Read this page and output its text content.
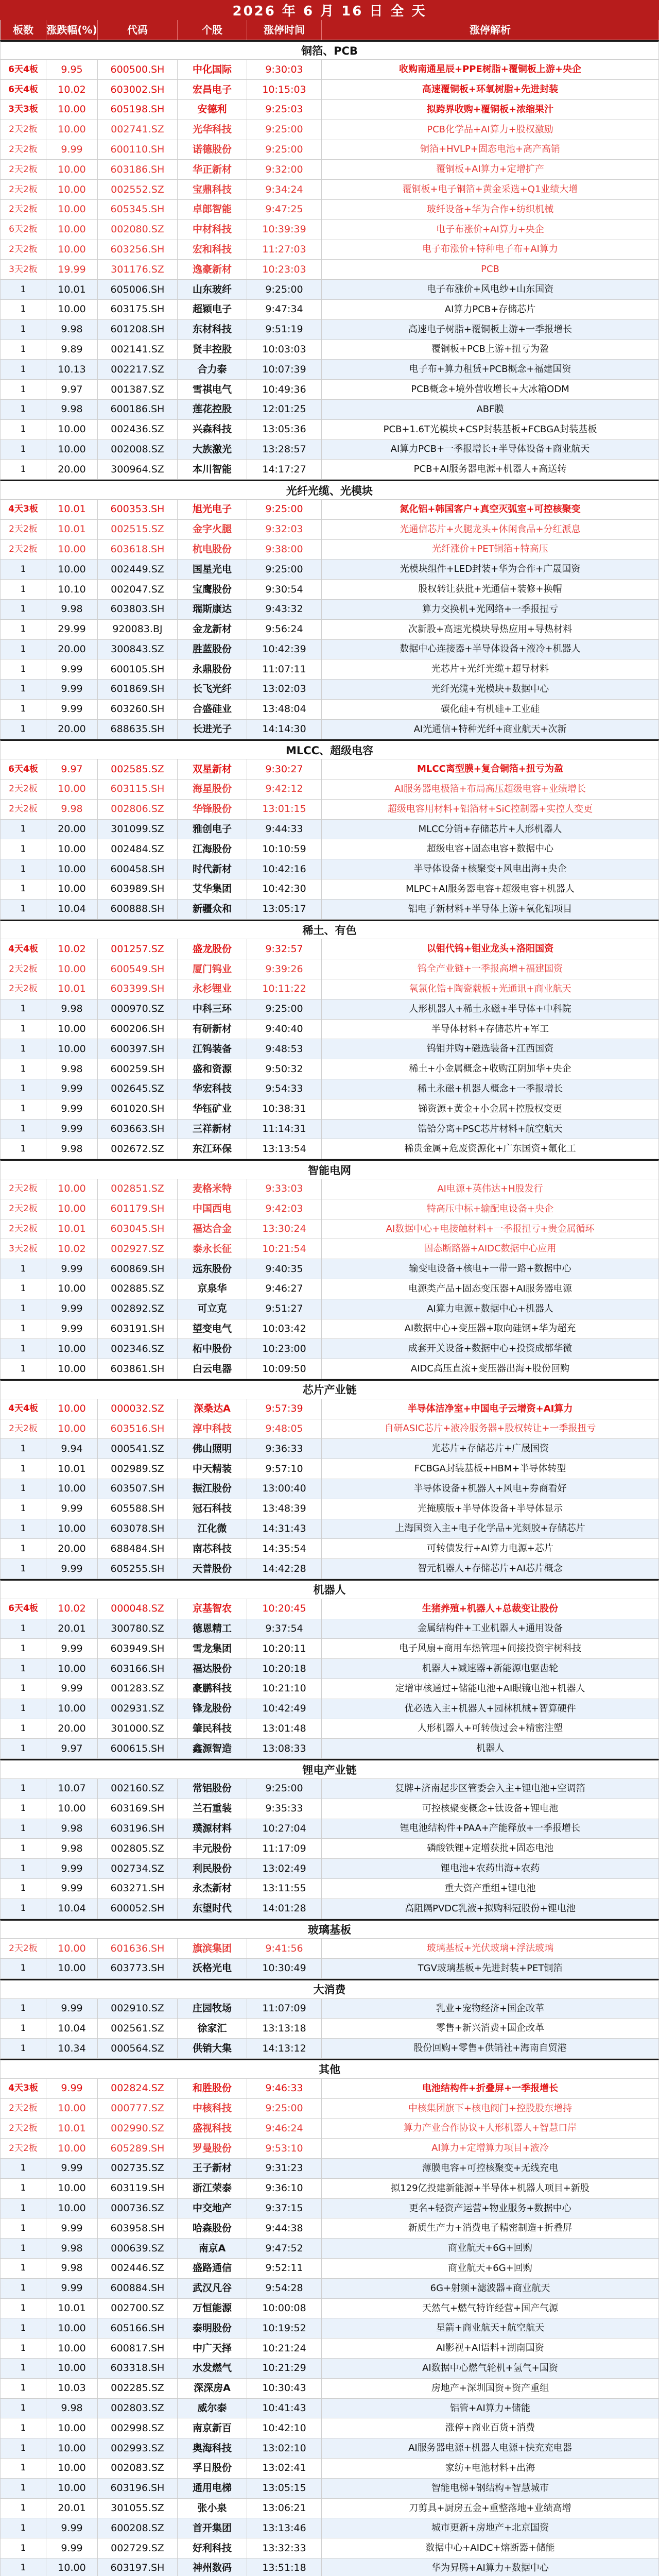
2026 年 6 月 16 日 全 天
板数	涨跌幅(%)	代码	个股	涨停时间	涨停解析
铜箔、PCB
6天4板	9.95	600500.SH	中化国际	9:30:03	收购南通星辰+PPE树脂+覆铜板上游+央企
6天4板	10.02	603002.SH	宏昌电子	10:15:03	高速覆铜板+环氧树脂+先进封装
3天3板	10.00	605198.SH	安德利	9:25:03	拟跨界收购+覆铜板+浓缩果汁
2天2板	10.00	002741.SZ	光华科技	9:25:00	PCB化学品+AI算力+股权激励
2天2板	9.99	600110.SH	诺德股份	9:25:00	铜箔+HVLP+固态电池+高产高销
2天2板	10.00	603186.SH	华正新材	9:32:00	覆铜板+AI算力+定增扩产
2天2板	10.00	002552.SZ	宝鼎科技	9:34:24	覆铜板+电子铜箔+黄金采选+Q1业绩大增
2天2板	10.00	605345.SH	卓郎智能	9:47:25	玻纤设备+华为合作+纺织机械
6天2板	10.00	002080.SZ	中材科技	10:39:39	电子布涨价+AI算力+央企
2天2板	10.00	603256.SH	宏和科技	11:27:03	电子布涨价+特种电子布+AI算力
3天2板	19.99	301176.SZ	逸豪新材	10:23:03	PCB
1	10.01	605006.SH	山东玻纤	9:25:00	电子布涨价+风电纱+山东国资
1	10.00	603175.SH	超颖电子	9:47:34	AI算力PCB+存储芯片
1	9.98	601208.SH	东材科技	9:51:19	高速电子树脂+覆铜板上游+一季报增长
1	9.89	002141.SZ	贤丰控股	10:03:03	覆铜板+PCB上游+扭亏为盈
1	10.13	002217.SZ	合力泰	10:07:39	电子布+算力租赁+PCB概念+福建国资
1	9.97	001387.SZ	雪祺电气	10:49:36	PCB概念+境外营收增长+大冰箱ODM
1	9.98	600186.SH	莲花控股	12:01:25	ABF膜
1	10.00	002436.SZ	兴森科技	13:05:36	PCB+1.6T光模块+CSP封装基板+FCBGA封装基板
1	10.00	002008.SZ	大族激光	13:28:57	AI算力PCB+一季报增长+半导体设备+商业航天
1	20.00	300964.SZ	本川智能	14:17:27	PCB+AI服务器电源+机器人+高送转
光纤光缆、光模块
4天3板	10.01	600353.SH	旭光电子	9:25:00	氮化铝+韩国客户+真空灭弧室+可控核聚变
2天2板	10.01	002515.SZ	金字火腿	9:32:03	光通信芯片+火腿龙头+休闲食品+分红派息
2天2板	10.00	603618.SH	杭电股份	9:38:00	光纤涨价+PET铜箔+特高压
1	10.00	002449.SZ	国星光电	9:25:00	光模块组件+LED封装+华为合作+广晟国资
1	10.10	002047.SZ	宝鹰股份	9:30:54	股权转让获批+光通信+装修+换帽
1	9.98	603803.SH	瑞斯康达	9:43:32	算力交换机+光网络+一季报扭亏
1	29.99	920083.BJ	金龙新材	9:56:24	次新股+高速光模块导热应用+导热材料
1	20.00	300843.SZ	胜蓝股份	10:42:39	数据中心连接器+半导体设备+液冷+机器人
1	9.99	600105.SH	永鼎股份	11:07:11	光芯片+光纤光缆+超导材料
1	9.99	601869.SH	长飞光纤	13:02:03	光纤光缆+光模块+数据中心
1	9.99	603260.SH	合盛硅业	13:48:04	碳化硅+有机硅+工业硅
1	20.00	688635.SH	长进光子	14:14:30	AI光通信+特种光纤+商业航天+次新
MLCC、超级电容
6天4板	9.97	002585.SZ	双星新材	9:30:27	MLCC离型膜+复合铜箔+扭亏为盈
2天2板	10.00	603115.SH	海星股份	9:42:12	AI服务器电极箔+布局高压超级电容+业绩增长
2天2板	9.98	002806.SZ	华锋股份	13:01:15	超级电容用材料+铝箔材+SiC控制器+实控人变更
1	20.00	301099.SZ	雅创电子	9:44:33	MLCC分销+存储芯片+人形机器人
1	10.00	002484.SZ	江海股份	10:10:59	超级电容+固态电容+数据中心
1	10.00	600458.SH	时代新材	10:42:16	半导体设备+核聚变+风电出海+央企
1	10.00	603989.SH	艾华集团	10:42:30	MLPC+AI服务器电容+超级电容+机器人
1	10.04	600888.SH	新疆众和	13:05:17	铝电子新材料+半导体上游+氧化铝项目
稀土、有色
4天4板	10.02	001257.SZ	盛龙股份	9:32:57	以钼代钨+钼业龙头+洛阳国资
2天2板	10.00	600549.SH	厦门钨业	9:39:26	钨全产业链+一季报高增+福建国资
2天2板	10.01	603399.SH	永杉锂业	10:11:22	氧氯化锆+陶瓷载板+光通讯+商业航天
1	9.98	000970.SZ	中科三环	9:25:00	人形机器人+稀土永磁+半导体+中科院
1	10.00	600206.SH	有研新材	9:40:40	半导体材料+存储芯片+军工
1	10.00	600397.SH	江钨装备	9:48:53	钨钼并购+磁选装备+江西国资
1	9.98	600259.SH	盛和资源	9:50:32	稀土+小金属概念+收购江阴加华+央企
1	9.99	002645.SZ	华宏科技	9:54:33	稀土永磁+机器人概念+一季报增长
1	9.99	601020.SH	华钰矿业	10:38:31	锑资源+黄金+小金属+控股权变更
1	9.99	603663.SH	三祥新材	11:14:31	锆铪分离+PSC芯片材料+航空航天
1	9.98	002672.SZ	东江环保	13:13:54	稀贵金属+危废资源化+广东国资+氟化工
智能电网
2天2板	10.00	002851.SZ	麦格米特	9:33:03	AI电源+英伟达+H股发行
2天2板	10.00	601179.SH	中国西电	9:42:03	特高压中标+输配电设备+央企
2天2板	10.01	603045.SH	福达合金	13:30:24	AI数据中心+电接触材料+一季报扭亏+贵金属循环
3天2板	10.02	002927.SZ	泰永长征	10:21:54	固态断路器+AIDC数据中心应用
1	9.99	600869.SH	远东股份	9:40:35	输变电设备+核电+一带一路+数据中心
1	10.00	002885.SZ	京泉华	9:46:27	电源类产品+固态变压器+AI服务器电源
1	9.99	002892.SZ	可立克	9:51:27	AI算力电源+数据中心+机器人
1	9.99	603191.SH	望变电气	10:03:42	AI数据中心+变压器+取向硅钢+华为超充
1	10.00	002346.SZ	柘中股份	10:23:00	成套开关设备+数据中心+投资成都华微
1	10.00	603861.SH	白云电器	10:09:50	AIDC高压直流+变压器出海+股份回购
芯片产业链
4天4板	10.00	000032.SZ	深桑达A	9:57:39	半导体洁净室+中国电子云增资+AI算力
2天2板	10.00	603516.SH	淳中科技	9:48:05	自研ASIC芯片+液冷服务器+股权转让+一季报扭亏
1	9.94	000541.SZ	佛山照明	9:36:33	光芯片+存储芯片+广晟国资
1	10.01	002989.SZ	中天精装	9:57:10	FCBGA封装基板+HBM+半导体转型
1	10.00	603507.SH	振江股份	13:00:40	半导体设备+机器人+风电+券商看好
1	9.99	605588.SH	冠石科技	13:48:39	光掩膜版+半导体设备+半导体显示
1	10.00	603078.SH	江化微	14:31:43	上海国资入主+电子化学品+光刻胶+存储芯片
1	20.00	688484.SH	南芯科技	14:35:54	可转债发行+AI算力电源+芯片
1	9.99	605255.SH	天普股份	14:42:28	智元机器人+存储芯片+AI芯片概念
机器人
6天4板	10.02	000048.SZ	京基智农	10:20:45	生猪养殖+机器人+总裁变让股份
1	20.01	300780.SZ	德恩精工	9:37:54	金属结构件+工业机器人+通用设备
1	9.99	603949.SH	雪龙集团	10:20:11	电子风扇+商用车热管理+间接投资宇树科技
1	10.00	603166.SH	福达股份	10:20:18	机器人+减速器+新能源电驱齿轮
1	9.99	001283.SZ	豪鹏科技	10:21:10	定增审核通过+储能电池+AI眼镜电池+机器人
1	10.00	002931.SZ	锋龙股份	10:42:49	优必选入主+机器人+园林机械+智算硬件
1	20.00	301000.SZ	肇民科技	13:01:48	人形机器人+可转债过会+精密注塑
1	9.97	600615.SH	鑫源智造	13:08:33	机器人
锂电产业链
1	10.07	002160.SZ	常铝股份	9:25:00	复牌+济南起步区管委会入主+锂电池+空调箔
1	10.00	603169.SH	兰石重装	9:35:33	可控核聚变概念+钛设备+锂电池
1	9.98	603196.SH	璞源材料	10:27:04	锂电池结构件+PAA+产能释放+一季报增长
1	9.98	002805.SZ	丰元股份	11:17:09	磷酸铁锂+定增获批+固态电池
1	9.99	002734.SZ	利民股份	13:02:49	锂电池+农药出海+农药
1	9.99	603271.SH	永杰新材	13:11:55	重大资产重组+锂电池
1	10.04	600052.SH	东望时代	14:01:28	高阻隔PVDC乳液+拟购科冠股份+锂电池
玻璃基板
2天2板	10.00	601636.SH	旗滨集团	9:41:56	玻璃基板+光伏玻璃+浮法玻璃
1	10.00	603773.SH	沃格光电	10:30:49	TGV玻璃基板+先进封装+PET铜箔
大消费
1	9.99	002910.SZ	庄园牧场	11:07:09	乳业+宠物经济+国企改革
1	10.04	002561.SZ	徐家汇	13:13:18	零售+新兴消费+国企改革
1	10.34	000564.SZ	供销大集	14:13:12	股份回购+零售+供销社+海南自贸港
其他
4天3板	9.99	002824.SZ	和胜股份	9:46:33	电池结构件+折叠屏+一季报增长
2天2板	10.00	000777.SZ	中核科技	9:25:00	中核集团旗下+核电阀门+控股股东增持
2天2板	10.01	002990.SZ	盛视科技	9:46:24	算力产业合作协议+人形机器人+智慧口岸
2天2板	10.00	605289.SH	罗曼股份	9:53:10	AI算力+定增算力项目+液冷
1	9.99	002735.SZ	王子新材	9:31:23	薄膜电容+可控核聚变+无线充电
1	10.00	603119.SH	浙江荣泰	9:36:10	拟129亿投建新能源+半导体+机器人项目+新股
1	10.00	000736.SZ	中交地产	9:37:15	更名+轻资产运营+物业服务+数据中心
1	9.99	603958.SH	哈森股份	9:44:38	新质生产力+消费电子精密制造+折叠屏
1	9.98	000639.SZ	南京A	9:47:52	商业航天+6G+回购
1	9.98	002446.SZ	盛路通信	9:52:11	商业航天+6G+回购
1	9.99	600884.SH	武汉凡谷	9:54:28	6G+射频+滤波器+商业航天
1	10.01	002700.SZ	万恒能源	10:00:08	天然气+燃气特许经营+国产气源
1	10.00	605166.SH	泰明股份	10:19:52	星箭+商业航天+航空航天
1	10.00	600817.SH	中广天择	10:21:24	AI影视+AI语料+湖南国资
1	10.00	603318.SH	水发燃气	10:21:29	AI数据中心燃气轮机+氢气+国资
1	10.03	002285.SZ	深深房A	10:30:43	房地产+深圳国资+资产重组
1	9.98	002803.SZ	威尔泰	10:41:43	铝管+AI算力+储能
1	10.00	002998.SZ	南京新百	10:42:10	涨停+商业百货+消费
1	10.00	002993.SZ	奥海科技	13:02:10	AI服务器电源+机器人电源+快充充电器
1	10.00	002083.SZ	孚日股份	13:02:41	家纺+电池材料+出海
1	10.00	603196.SH	通用电梯	13:05:15	智能电梯+钢结构+智慧城市
1	20.01	301055.SZ	张小泉	13:06:21	刀剪具+厨房五金+重整落地+业绩高增
1	9.99	600208.SZ	首开集团	13:13:46	城市更新+房地产+北京国资
1	9.99	002729.SZ	好利科技	13:32:33	数据中心+AIDC+熔断器+储能
1	10.00	603197.SH	神州数码	13:51:18	华为昇腾+AI算力+数据中心
